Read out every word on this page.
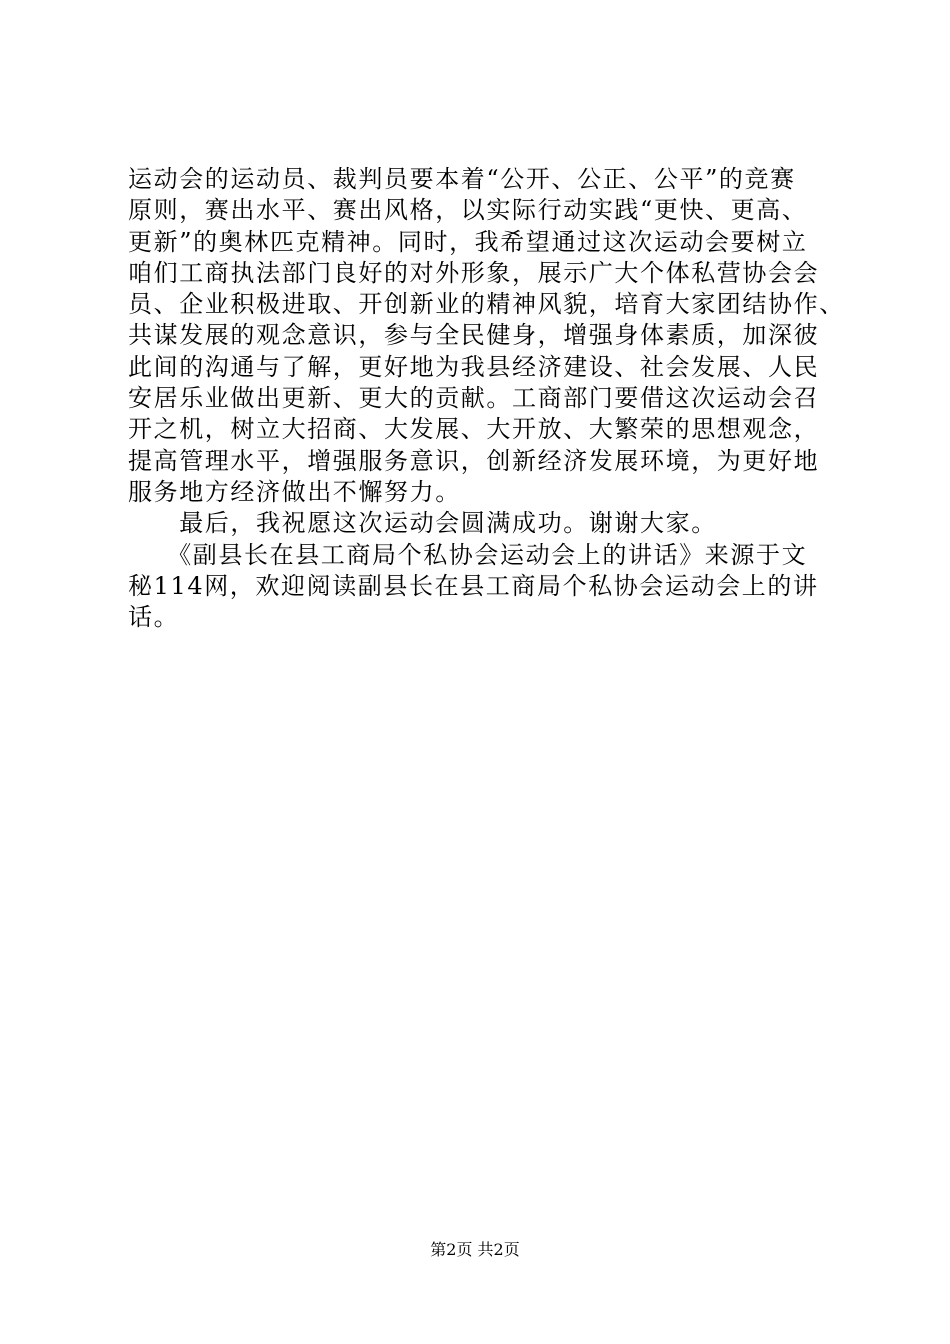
运动会的运动员、裁判员要本着“公开、公正、公平”的竞赛
原则，赛出水平、赛出风格，以实际行动实践“更快、更高、
更新”的奥林匹克精神。同时，我希望通过这次运动会要树立
咱们工商执法部门良好的对外形象，展示广大个体私营协会会
员、企业积极进取、开创新业的精神风貌，培育大家团结协作、
共谋发展的观念意识，参与全民健身，增强身体素质，加深彼
此间的沟通与了解，更好地为我县经济建设、社会发展、人民
安居乐业做出更新、更大的贡献。工商部门要借这次运动会召
开之机，树立大招商、大发展、大开放、大繁荣的思想观念，
提高管理水平，增强服务意识，创新经济发展环境，为更好地
服务地方经济做出不懈努力。
　　最后，我祝愿这次运动会圆满成功。谢谢大家。
　　《副县长在县工商局个私协会运动会上的讲话》来源于文
秘114网，欢迎阅读副县长在县工商局个私协会运动会上的讲
话。
第2页 共2页
